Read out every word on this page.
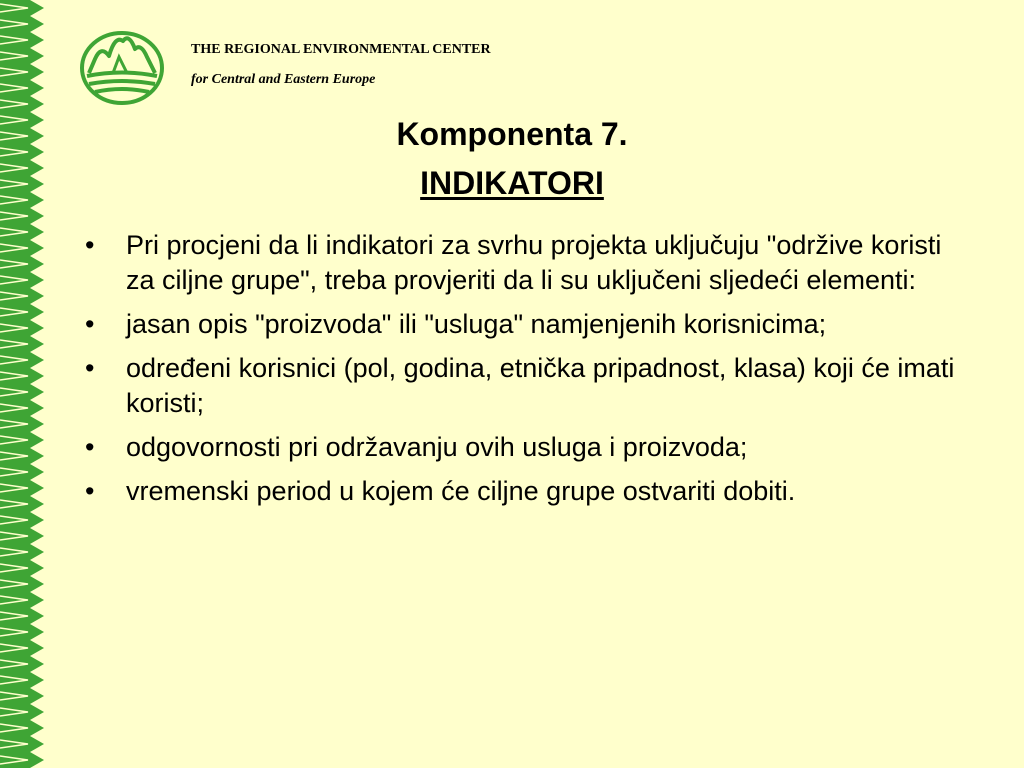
THE REGIONAL ENVIRONMENTAL CENTER

for Central and Eastern Europe

Komponenta 7.
INDIKATORI
• Pri procjeni da li indikatori za svrhu projekta uključuju "održive koristi za ciljne grupe", treba provjeriti da li su uključeni sljedeći elementi:
• jasan opis "proizvoda" ili "usluga" namjenjenih korisnicima;
• određeni korisnici (pol, godina, etnička pripadnost, klasa) koji će imati koristi;
• odgovornosti pri održavanju ovih usluga i proizvoda;
• vremenski period u kojem će ciljne grupe ostvariti dobiti.
